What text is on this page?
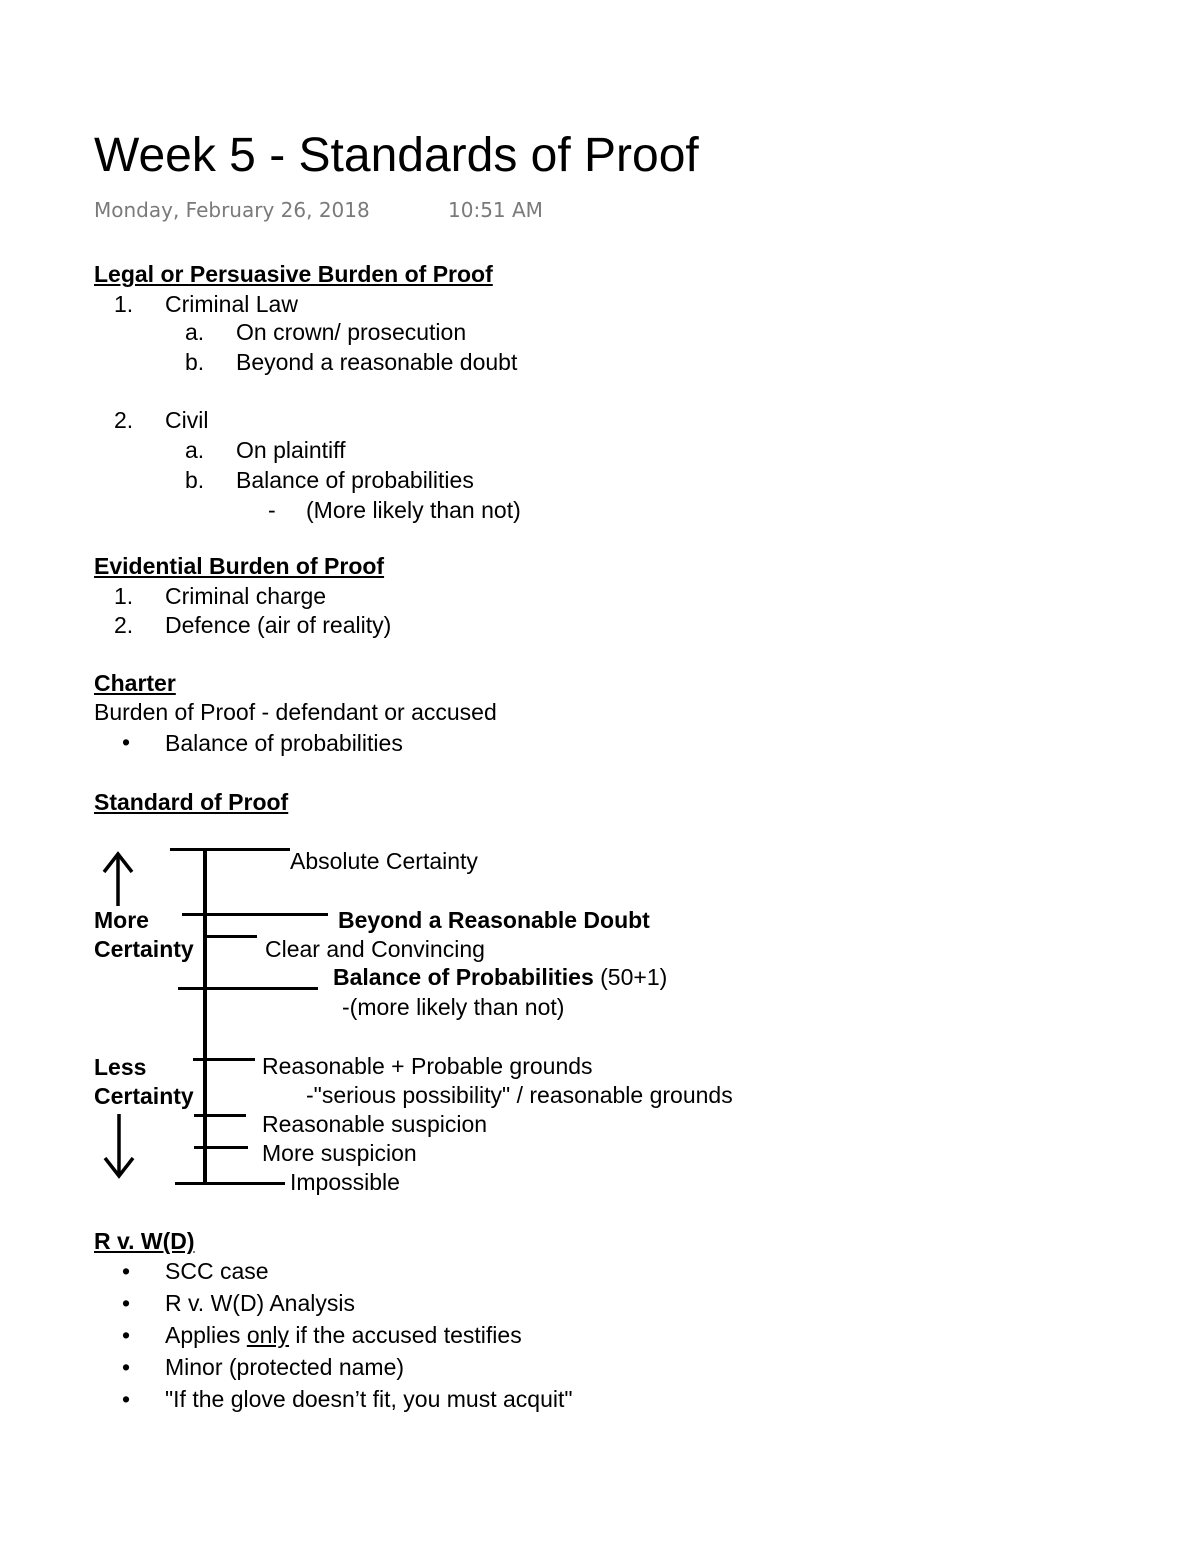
Week 5 - Standards of Proof
Monday, February 26, 2018	10:51 AM
Legal or Persuasive Burden of Proof
1. Criminal Law
a. On crown/ prosecution
b. Beyond a reasonable doubt
2. Civil
a. On plaintiff
b. Balance of probabilities
- (More likely than not)
Evidential Burden of Proof
1. Criminal charge
2. Defence (air of reality)
Charter
Burden of Proof - defendant or accused
• Balance of probabilities
Standard of Proof
More
Certainty
Less
Certainty
Absolute Certainty
Beyond a Reasonable Doubt
Clear and Convincing
Balance of Probabilities (50+1)
-(more likely than not)
Reasonable + Probable grounds
-"serious possibility" / reasonable grounds
Reasonable suspicion
More suspicion
Impossible
R v. W(D)
• SCC case
• R v. W(D) Analysis
• Applies only if the accused testifies
• Minor (protected name)
• "If the glove doesn’t fit, you must acquit"
